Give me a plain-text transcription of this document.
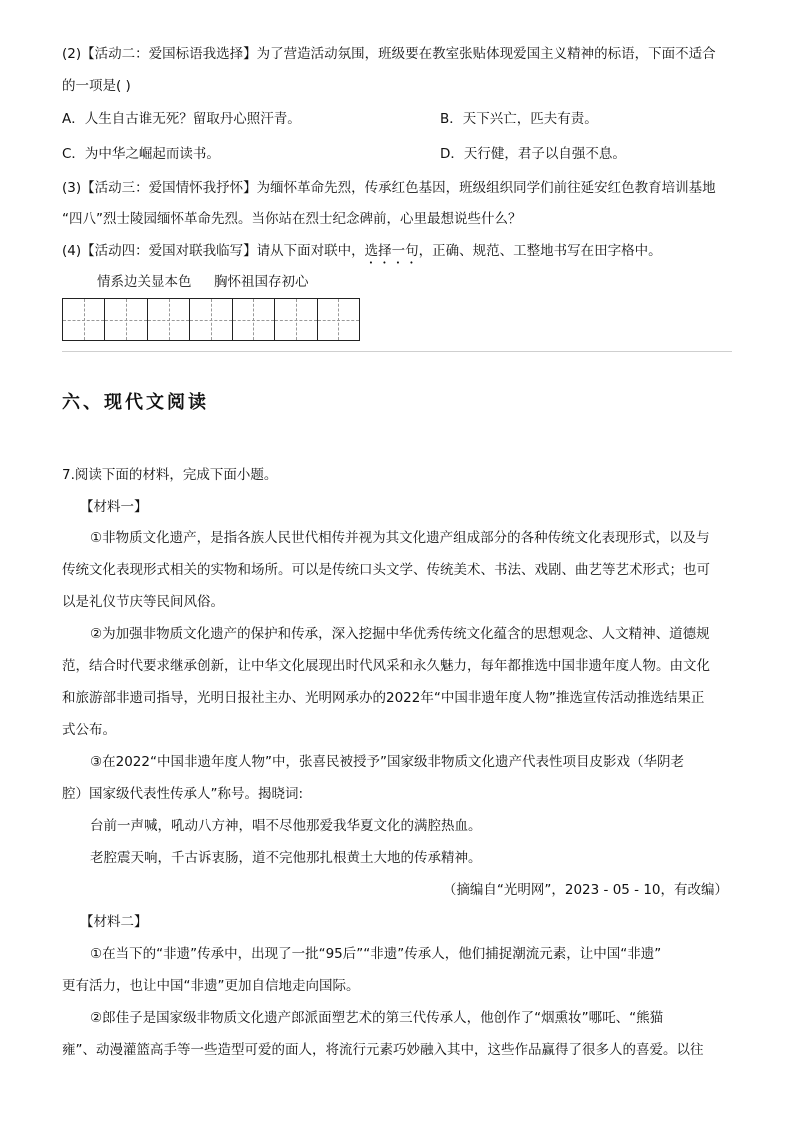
(2)【活动二：爱国标语我选择】为了营造活动氛围，班级要在教室张贴体现爱国主义精神的标语，下面不适合
的一项是( )
A．人生自古谁无死？留取丹心照汗青。	B．天下兴亡，匹夫有责。
C．为中华之崛起而读书。	D．天行健，君子以自强不息。
(3)【活动三：爱国情怀我抒怀】为缅怀革命先烈，传承红色基因，班级组织同学们前往延安红色教育培训基地
“四八”烈士陵园缅怀革命先烈。当你站在烈士纪念碑前，心里最想说些什么？
(4)【活动四：爱国对联我临写】请从下面对联中，选择一句，正确、规范、工整地书写在田字格中。
情系边关显本色 胸怀祖国存初心
六、现代文阅读
7.阅读下面的材料，完成下面小题。
【材料一】
①非物质文化遗产，是指各族人民世代相传并视为其文化遗产组成部分的各种传统文化表现形式，以及与
传统文化表现形式相关的实物和场所。可以是传统口头文学、传统美术、书法、戏剧、曲艺等艺术形式；也可
以是礼仪节庆等民间风俗。
②为加强非物质文化遗产的保护和传承，深入挖掘中华优秀传统文化蕴含的思想观念、人文精神、道德规
范，结合时代要求继承创新，让中华文化展现出时代风采和永久魅力，每年都推选中国非遗年度人物。由文化
和旅游部非遗司指导，光明日报社主办、光明网承办的2022年“中国非遗年度人物”推选宣传活动推选结果正
式公布。
③在2022“中国非遗年度人物”中，张喜民被授予”国家级非物质文化遗产代表性项目皮影戏（华阴老
腔）国家级代表性传承人”称号。揭晓词:
台前一声喊，吼动八方神，唱不尽他那爱我华夏文化的满腔热血。
老腔震天响，千古诉衷肠，道不完他那扎根黄土大地的传承精神。
（摘编自“光明网”，2023 - 05 - 10，有改编）
【材料二】
①在当下的“非遗”传承中，出现了一批“95后”“非遗”传承人，他们捕捉潮流元素，让中国“非遗”
更有活力，也让中国“非遗”更加自信地走向国际。
②郎佳子是国家级非物质文化遗产郎派面塑艺术的第三代传承人，他创作了“烟熏妆”哪吒、“熊猫
雍”、动漫灌篮高手等一些造型可爱的面人，将流行元素巧妙融入其中，这些作品赢得了很多人的喜爱。以往
